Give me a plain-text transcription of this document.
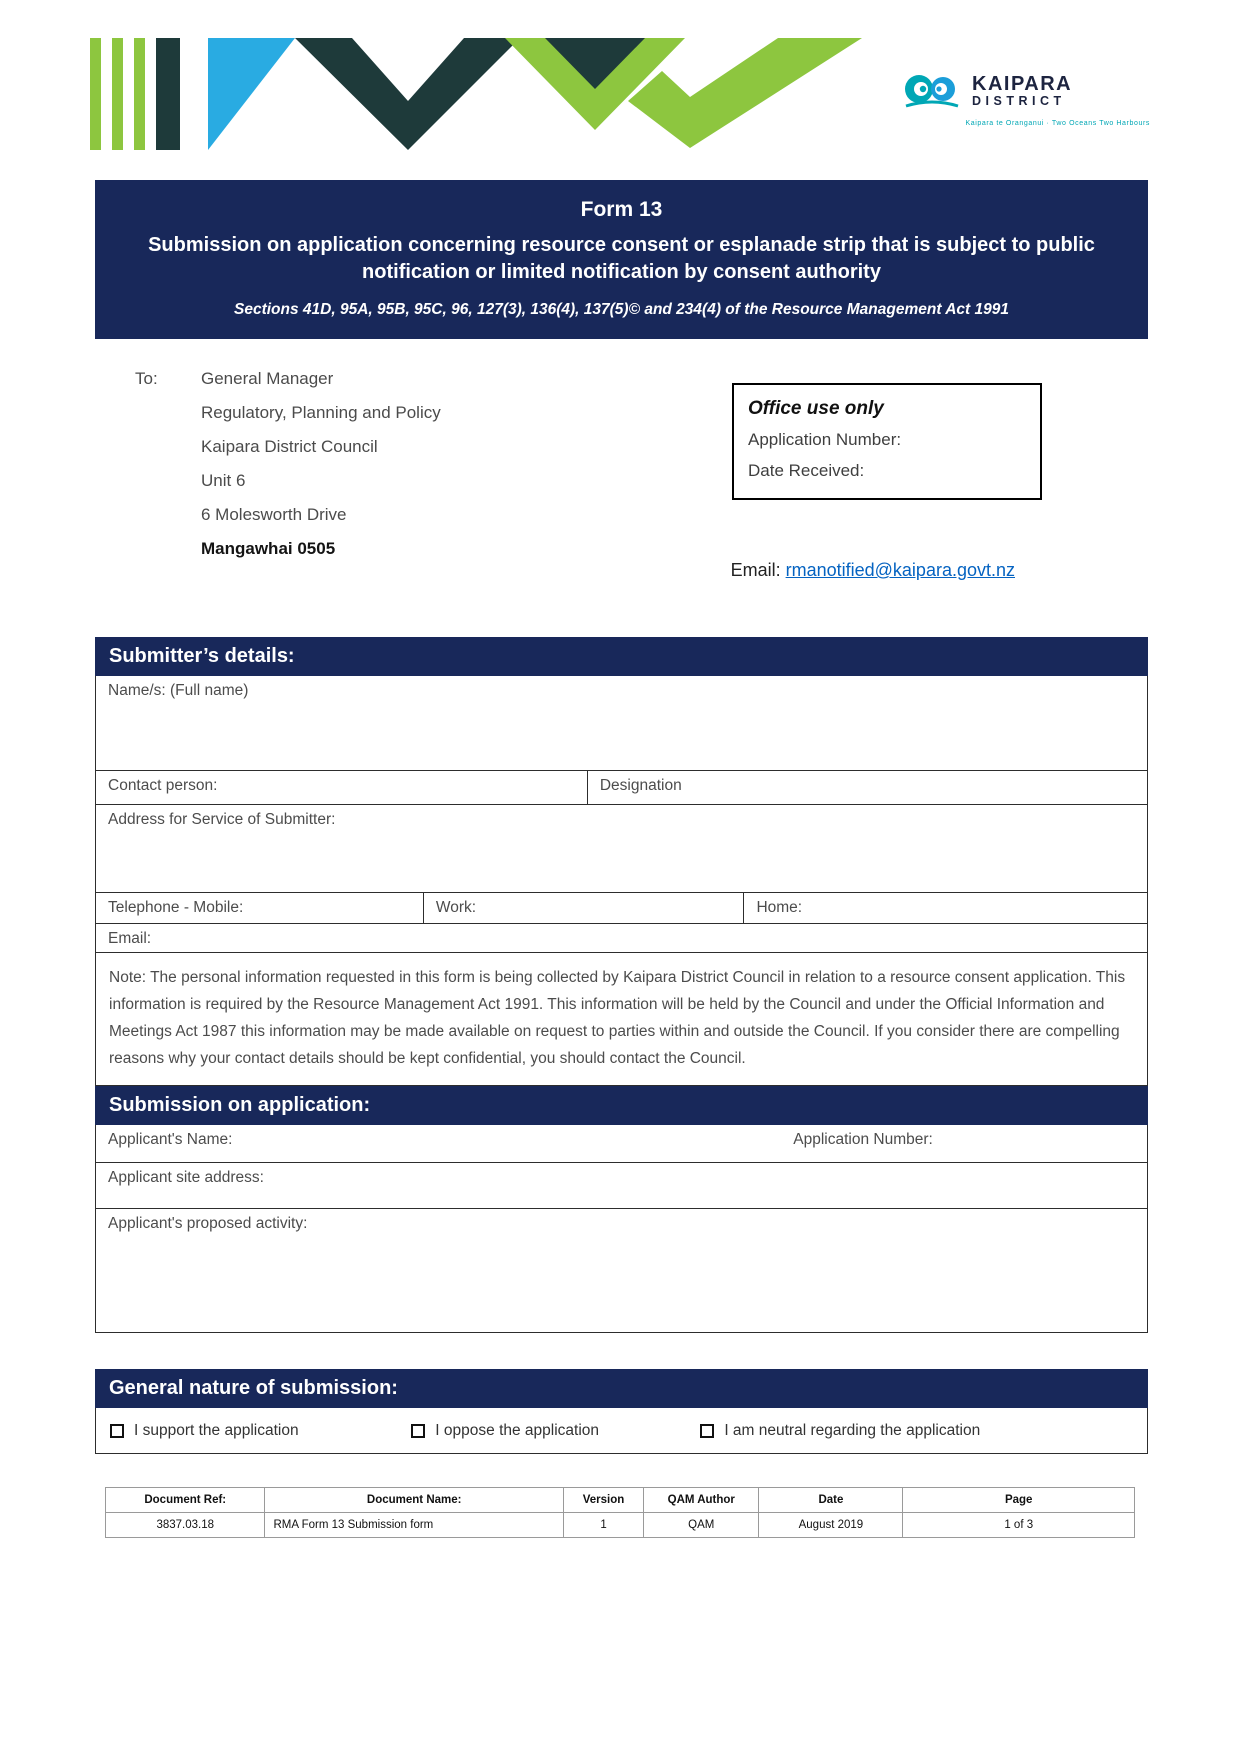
KAIPARA
DISTRICT
Kaipara te Oranganui · Two Oceans Two Harbours
Form 13
Submission on application concerning resource consent or esplanade strip that is subject to public notification or limited notification by consent authority
Sections 41D, 95A, 95B, 95C, 96, 127(3), 136(4), 137(5)© and 234(4) of the Resource Management Act 1991
To:	General Manager
Regulatory, Planning and Policy
Kaipara District Council
Unit 6
6 Molesworth Drive
Mangawhai 0505
Office use only
Application Number:
Date Received:
Email: rmanotified@kaipara.govt.nz
Submitter’s details:
Name/s: (Full name)
Contact person:	Designation
Address for Service of Submitter:
Telephone - Mobile:	Work:	Home:
Email:
Note: The personal information requested in this form is being collected by Kaipara District Council in relation to a resource consent application. This information is required by the Resource Management Act 1991. This information will be held by the Council and under the Official Information and Meetings Act 1987 this information may be made available on request to parties within and outside the Council. If you consider there are compelling reasons why your contact details should be kept confidential, you should contact the Council.
Submission on application:
Applicant's Name:	Application Number:
Applicant site address:
Applicant's proposed activity:
General nature of submission:
I support the application	I oppose the application	I am neutral regarding the application
Document Ref:	Document Name:	Version	QAM Author	Date	Page
3837.03.18	RMA Form 13 Submission form	1	QAM	August 2019	1 of 3
